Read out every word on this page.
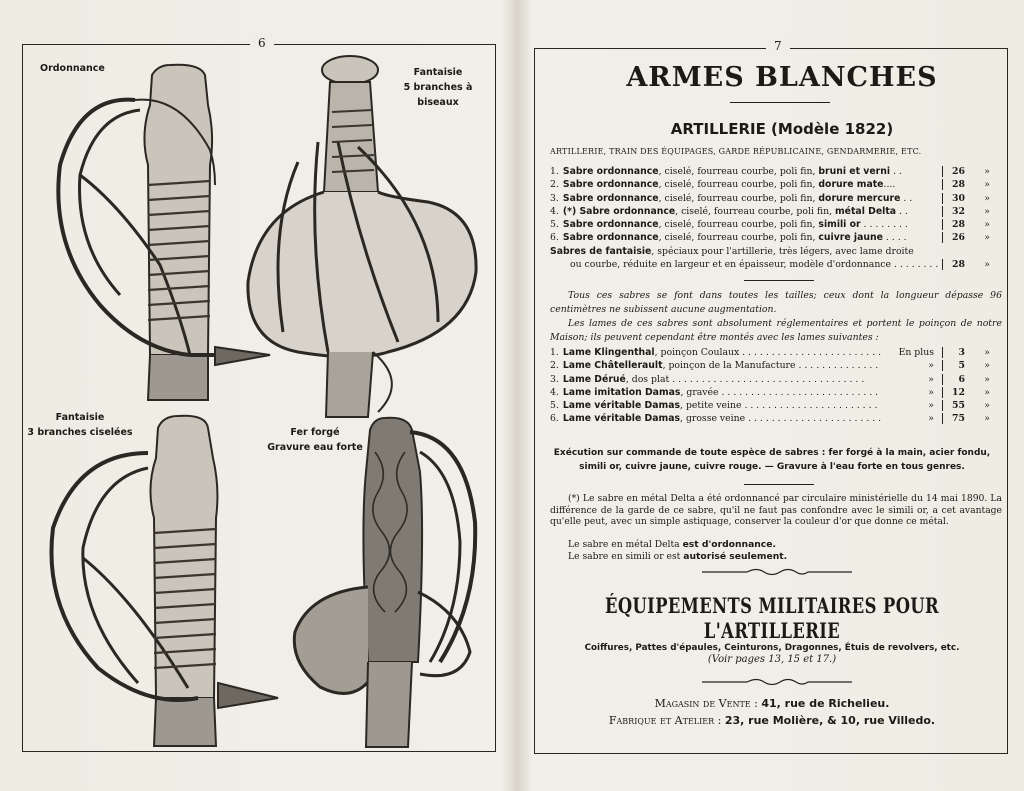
6
Ordonnance	Fantaisie
5 branches à
biseaux
Fantaisie
3 branches ciselées	Fer forgé
Gravure eau forte
7
ARMES BLANCHES
ARTILLERIE (Modèle 1822)
ARTILLERIE, TRAIN DES ÉQUIPAGES, GARDE RÉPUBLICAINE, GENDARMERIE, ETC.
1. Sabre ordonnance, ciselé, fourreau courbe, poli fin, bruni et verni . .	26	»
2. Sabre ordonnance, ciselé, fourreau courbe, poli fin, dorure mate....	28	»
3. Sabre ordonnance, ciselé, fourreau courbe, poli fin, dorure mercure . .	30	»
4. (*) Sabre ordonnance, ciselé, fourreau courbe, poli fin, métal Delta . .	32	»
5. Sabre ordonnance, ciselé, fourreau courbe, poli fin, simili or . . . . . . . .	28	»
6. Sabre ordonnance, ciselé, fourreau courbe, poli fin, cuivre jaune . . . .	26	»
Sabres de fantaisie, spéciaux pour l'artillerie, très légers, avec lame droite
ou courbe, réduite en largeur et en épaisseur, modèle d'ordonnance . . . . . . . .	28	»
Tous ces sabres se font dans toutes les tailles; ceux dont la longueur dépasse 96 centimètres ne subissent aucune augmentation.
Les lames de ces sabres sont absolument réglementaires et portent le poinçon de notre Maison; ils peuvent cependant être montés avec les lames suivantes :
1. Lame Klingenthal, poinçon Coulaux . . . . . . . . . . . . . . . . . . . . . . . .	En plus	3	»
2. Lame Châtellerault, poinçon de la Manufacture . . . . . . . . . . . . . .	»	5	»
3. Lame Dérué, dos plat . . . . . . . . . . . . . . . . . . . . . . . . . . . . . . . . .	»	6	»
4. Lame imitation Damas, gravée . . . . . . . . . . . . . . . . . . . . . . . . . . .	»	12	»
5. Lame véritable Damas, petite veine . . . . . . . . . . . . . . . . . . . . . . .	»	55	»
6. Lame véritable Damas, grosse veine . . . . . . . . . . . . . . . . . . . . . . .	»	75	»
Exécution sur commande de toute espèce de sabres : fer forgé à la main, acier fondu,
simili or, cuivre jaune, cuivre rouge. — Gravure à l'eau forte en tous genres.
(*) Le sabre en métal Delta a été ordonnancé par circulaire ministérielle du 14 mai 1890. La différence de la garde de ce sabre, qu'il ne faut pas confondre avec le simili or, a cet avantage qu'elle peut, avec un simple astiquage, conserver la couleur d'or que donne ce métal.
Le sabre en métal Delta est d'ordonnance.
Le sabre en simili or est autorisé seulement.
ÉQUIPEMENTS MILITAIRES POUR L'ARTILLERIE
Coiffures, Pattes d'épaules, Ceinturons, Dragonnes, Étuis de revolvers, etc.
(Voir pages 13, 15 et 17.)
Magasin de Vente : 41, rue de Richelieu.
Fabrique et Atelier : 23, rue Molière, & 10, rue Villedo.
